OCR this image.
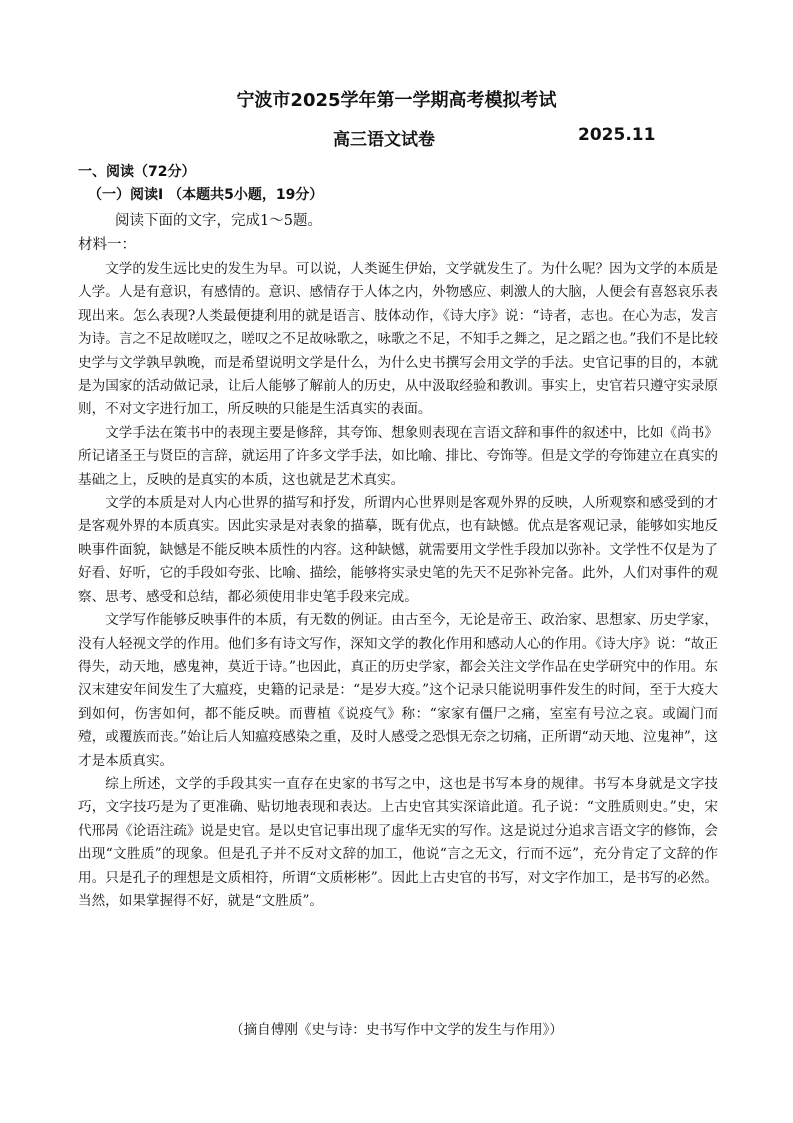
宁波市2025学年第一学期高考模拟考试
高三语文试卷	2025.11
一、阅读（72分）
（一）阅读I （本题共5小题，19分）
阅读下面的文字，完成1～5题。
材料一：

文学的发生远比史的发生为早。可以说，人类诞生伊始，文学就发生了。为什么呢？因为文学的本质是人学。人是有意识，有感情的。意识、感情存于人体之内，外物感应、刺激人的大脑，人便会有喜怒哀乐表现出来。怎么表现?人类最便捷利用的就是语言、肢体动作，《诗大序》说：“诗者，志也。在心为志，发言为诗。言之不足故嗟叹之，嗟叹之不足故咏歌之，咏歌之不足，不知手之舞之，足之蹈之也。”我们不是比较史学与文学孰早孰晚，而是希望说明文学是什么，为什么史书撰写会用文学的手法。史官记事的目的，本就是为国家的活动做记录，让后人能够了解前人的历史，从中汲取经验和教训。事实上，史官若只遵守实录原则，不对文字进行加工，所反映的只能是生活真实的表面。

文学手法在策书中的表现主要是修辞，其夸饰、想象则表现在言语文辞和事件的叙述中，比如《尚书》所记诸圣王与贤臣的言辞，就运用了许多文学手法，如比喻、排比、夸饰等。但是文学的夸饰建立在真实的基础之上，反映的是真实的本质，这也就是艺术真实。

文学的本质是对人内心世界的描写和抒发，所谓内心世界则是客观外界的反映，人所观察和感受到的才是客观外界的本质真实。因此实录是对表象的描摹，既有优点，也有缺憾。优点是客观记录，能够如实地反映事件面貌，缺憾是不能反映本质性的内容。这种缺憾，就需要用文学性手段加以弥补。文学性不仅是为了好看、好听，它的手段如夸张、比喻、描绘，能够将实录史笔的先天不足弥补完备。此外，人们对事件的观察、思考、感受和总结，都必须使用非史笔手段来完成。

文学写作能够反映事件的本质，有无数的例证。由古至今，无论是帝王、政治家、思想家、历史学家，没有人轻视文学的作用。他们多有诗文写作，深知文学的教化作用和感动人心的作用。《诗大序》说：“故正得失，动天地，感鬼神，莫近于诗。”也因此，真正的历史学家，都会关注文学作品在史学研究中的作用。东汉末建安年间发生了大瘟疫，史籍的记录是：“是岁大疫。”这个记录只能说明事件发生的时间，至于大疫大到如何，伤害如何，都不能反映。而曹植《说疫气》称：“家家有僵尸之痛，室室有号泣之哀。或阖门而殪，或覆族而丧。”始让后人知瘟疫感染之重，及时人感受之恐惧无奈之切痛，正所谓“动天地、泣鬼神”，这才是本质真实。

综上所述，文学的手段其实一直存在史家的书写之中，这也是书写本身的规律。书写本身就是文字技巧，文字技巧是为了更准确、贴切地表现和表达。上古史官其实深谙此道。孔子说：“文胜质则史。”史，宋代邢昺《论语注疏》说是史官。是以史官记事出现了虚华无实的写作。这是说过分追求言语文字的修饰，会出现“文胜质”的现象。但是孔子并不反对文辞的加工，他说“言之无文，行而不远”，充分肯定了文辞的作用。只是孔子的理想是文质相符，所谓“文质彬彬”。因此上古史官的书写，对文字作加工，是书写的必然。当然，如果掌握得不好，就是“文胜质”。

（摘自傅刚《史与诗：史书写作中文学的发生与作用》）
